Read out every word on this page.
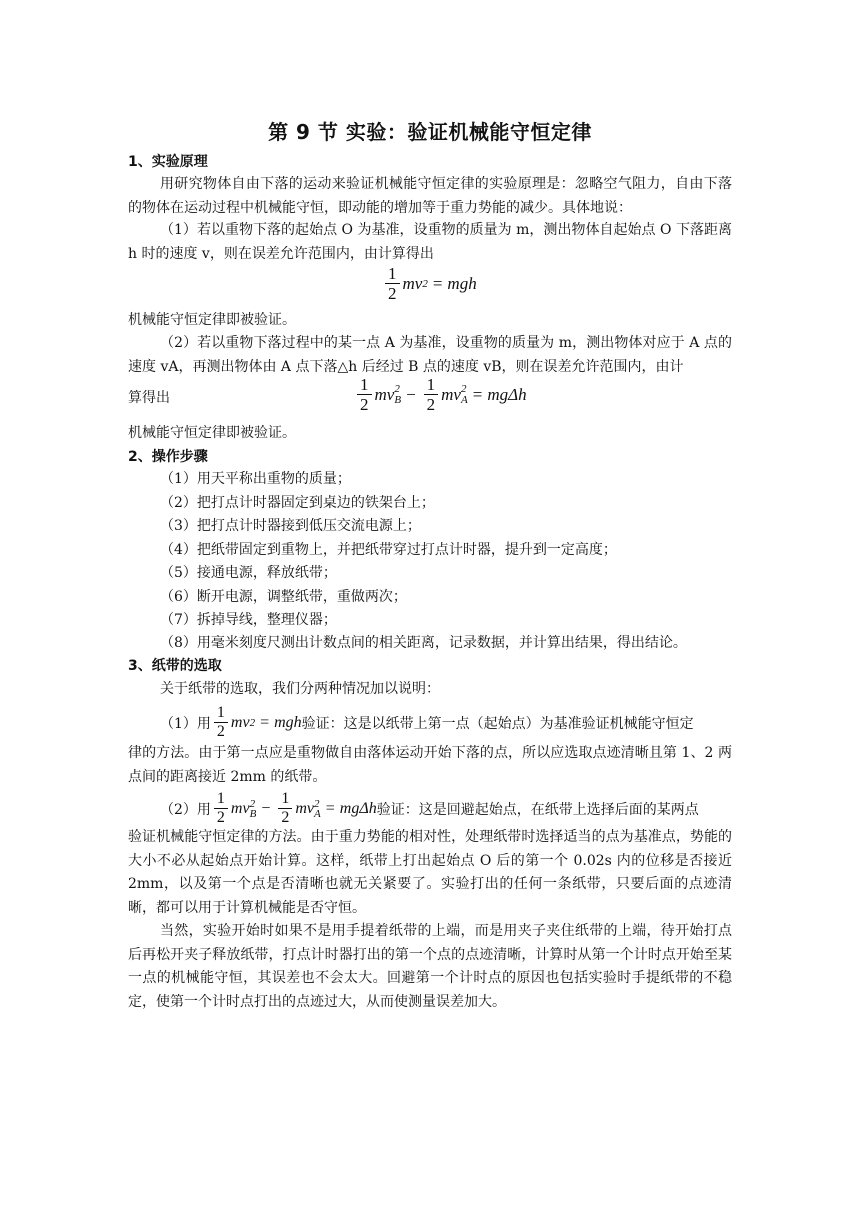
第 9 节 实验：验证机械能守恒定律
1、实验原理
用研究物体自由下落的运动来验证机械能守恒定律的实验原理是：忽略空气阻力，自由下落的物体在运动过程中机械能守恒，即动能的增加等于重力势能的减少。具体地说：
（1）若以重物下落的起始点 O 为基准，设重物的质量为 m，测出物体自起始点 O 下落距离 h 时的速度 v，则在误差允许范围内，由计算得出
$\frac{1}{2}$ mv 2 = mgh
机械能守恒定律即被验证。
（2）若以重物下落过程中的某一点 A 为基准，设重物的质量为 m，测出物体对应于 A 点的速度 vA，再测出物体由 A 点下落△h 后经过 B 点的速度 vB，则在误差允许范围内，由计
算得出	$\frac{1}{2}$ mv 2
$B - \frac{1}{2}$ mv 2
A = mgΔh
机械能守恒定律即被验证。
2、操作步骤
（1）用天平称出重物的质量；
（2）把打点计时器固定到桌边的铁架台上；
（3）把打点计时器接到低压交流电源上；
（4）把纸带固定到重物上，并把纸带穿过打点计时器，提升到一定高度；
（5）接通电源，释放纸带；
（6）断开电源，调整纸带，重做两次；
（7）拆掉导线，整理仪器；
（8）用毫米刻度尺测出计数点间的相关距离，记录数据，并计算出结果，得出结论。
3、纸带的选取
关于纸带的选取，我们分两种情况加以说明：
（1）用 $\frac{1}{2}$ mv 2 = mgh 验证：这是以纸带上第一点（起始点）为基准验证机械能守恒定
律的方法。由于第一点应是重物做自由落体运动开始下落的点，所以应选取点迹清晰且第 1、2 两点间的距离接近 2mm 的纸带。
（2）用 $\frac{1}{2}$ mv 2
$B - \frac{1}{2}$ mv 2
A = mgΔh 验证：这是回避起始点，在纸带上选择后面的某两点
验证机械能守恒定律的方法。由于重力势能的相对性，处理纸带时选择适当的点为基准点，势能的大小不必从起始点开始计算。这样，纸带上打出起始点 O 后的第一个 0.02s 内的位移是否接近 2mm，以及第一个点是否清晰也就无关紧要了。实验打出的任何一条纸带，只要后面的点迹清晰，都可以用于计算机械能是否守恒。
当然，实验开始时如果不是用手提着纸带的上端，而是用夹子夹住纸带的上端，待开始打点后再松开夹子释放纸带，打点计时器打出的第一个点的点迹清晰，计算时从第一个计时点开始至某一点的机械能守恒，其误差也不会太大。回避第一个计时点的原因也包括实验时手提纸带的不稳定，使第一个计时点打出的点迹过大，从而使测量误差加大。
